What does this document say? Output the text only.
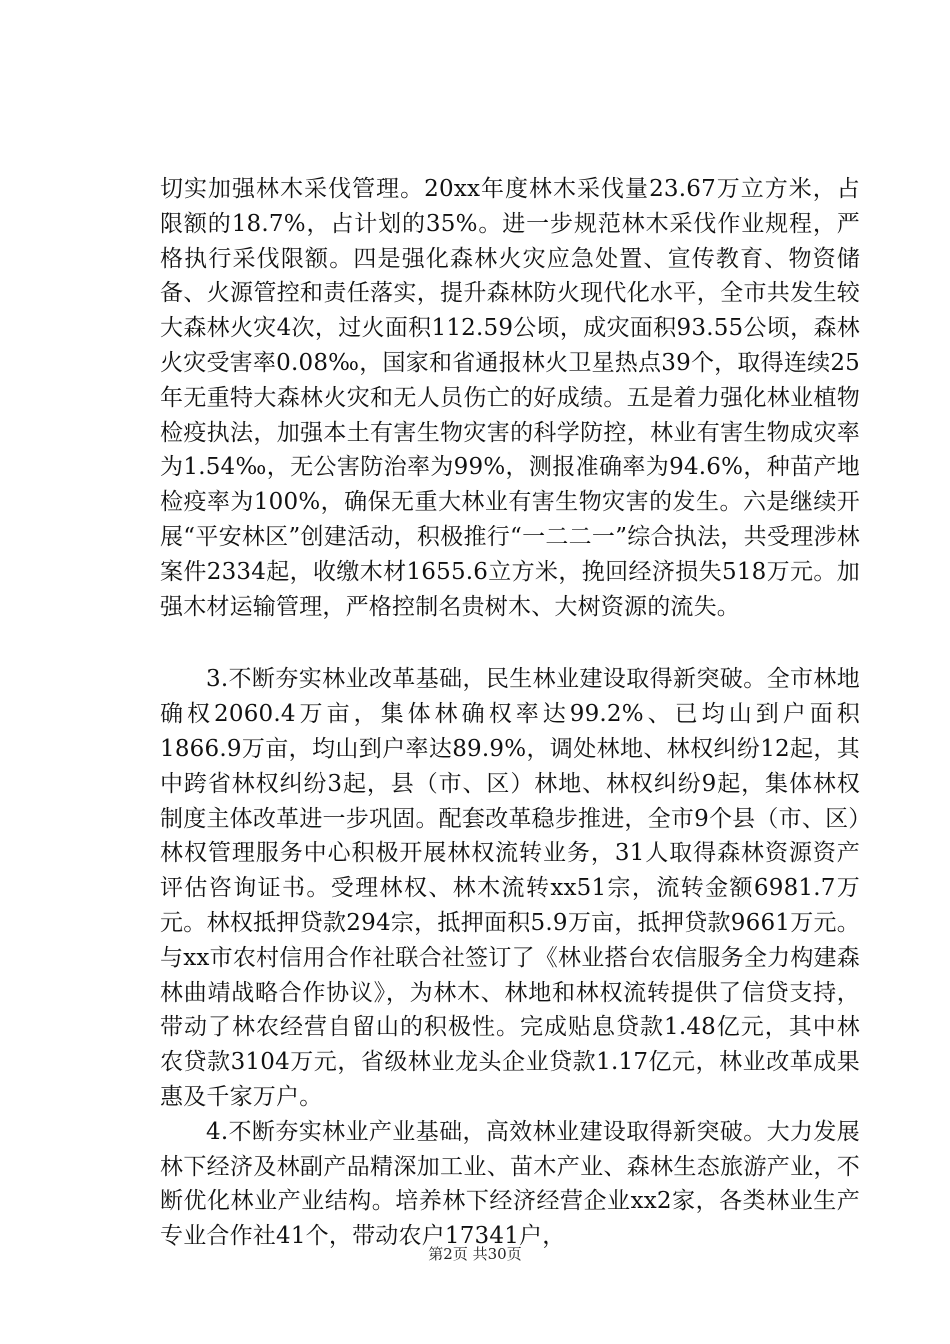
切实加强林木采伐管理。20xx年度林木采伐量23.67万立方米，占限额的18.7%，占计划的35%。进一步规范林木采伐作业规程，严格执行采伐限额。四是强化森林火灾应急处置、宣传教育、物资储备、火源管控和责任落实，提升森林防火现代化水平，全市共发生较大森林火灾4次，过火面积112.59公顷，成灾面积93.55公顷，森林火灾受害率0.08‰，国家和省通报林火卫星热点39个，取得连续25年无重特大森林火灾和无人员伤亡的好成绩。五是着力强化林业植物检疫执法，加强本土有害生物灾害的科学防控，林业有害生物成灾率为1.54‰，无公害防治率为99%，测报准确率为94.6%，种苗产地检疫率为100%，确保无重大林业有害生物灾害的发生。六是继续开展“平安林区”创建活动，积极推行“一二二一”综合执法，共受理涉林案件2334起，收缴木材1655.6立方米，挽回经济损失518万元。加强木材运输管理，严格控制名贵树木、大树资源的流失。

3.不断夯实林业改革基础，民生林业建设取得新突破。全市林地确权2060.4万亩，集体林确权率达99.2%、已均山到户面积1866.9万亩，均山到户率达89.9%，调处林地、林权纠纷12起，其中跨省林权纠纷3起，县（市、区）林地、林权纠纷9起，集体林权制度主体改革进一步巩固。配套改革稳步推进，全市9个县（市、区）林权管理服务中心积极开展林权流转业务，31人取得森林资源资产评估咨询证书。受理林权、林木流转xx51宗，流转金额6981.7万元。林权抵押贷款294宗，抵押面积5.9万亩，抵押贷款9661万元。与xx市农村信用合作社联合社签订了《林业搭台农信服务全力构建森林曲靖战略合作协议》，为林木、林地和林权流转提供了信贷支持，带动了林农经营自留山的积极性。完成贴息贷款1.48亿元，其中林农贷款3104万元，省级林业龙头企业贷款1.17亿元，林业改革成果惠及千家万户。

4.不断夯实林业产业基础，高效林业建设取得新突破。大力发展林下经济及林副产品精深加工业、苗木产业、森林生态旅游产业，不断优化林业产业结构。培养林下经济经营企业xx2家，各类林业生产专业合作社41个，带动农户17341户，

第2页 共30页
